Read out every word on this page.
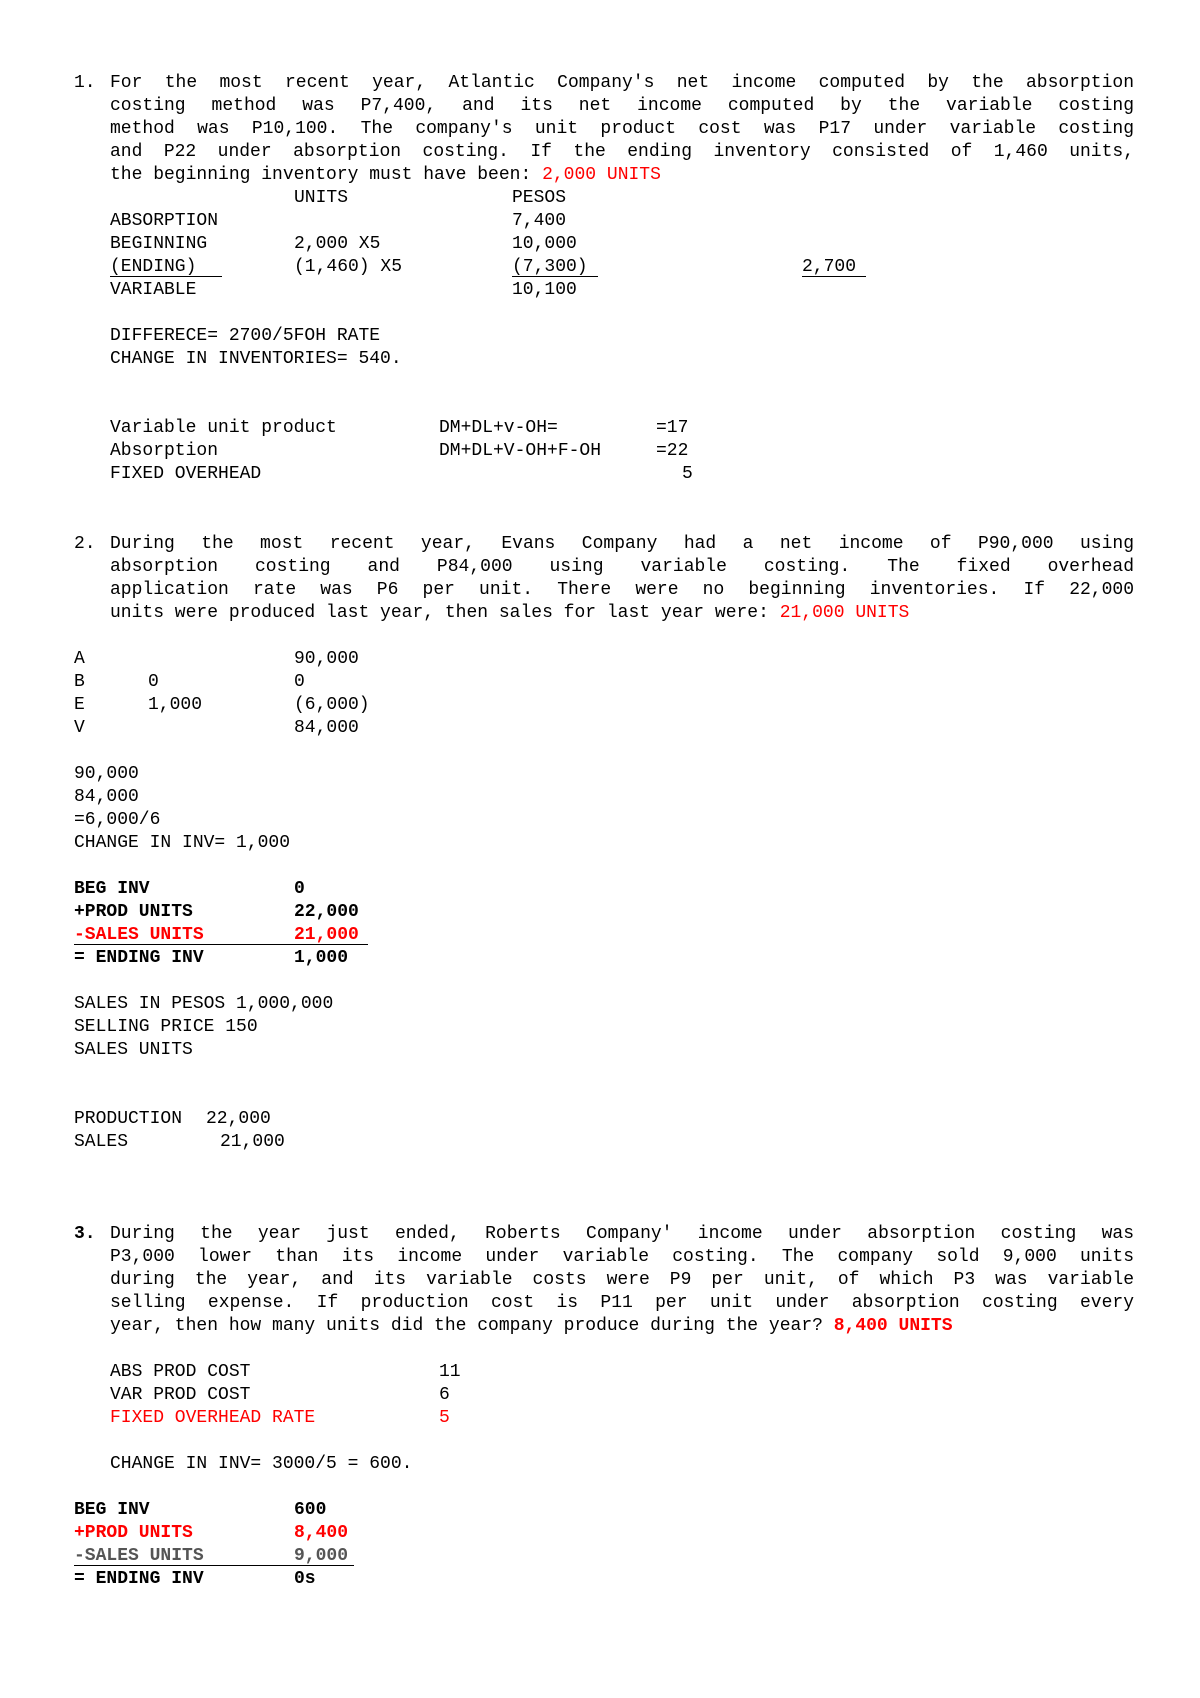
1. For the most recent year, Atlantic Company's net income computed by the absorption
costing method was P7,400, and its net income computed by the variable costing
method was P10,100. The company's unit product cost was P17 under variable costing
and P22 under absorption costing. If the ending inventory consisted of 1,460 units,
the beginning inventory must have been: 2,000 UNITS
UNITS	PESOS
ABSORPTION	7,400
BEGINNING	2,000 X5	10,000
(ENDING)	(1,460) X5	(7,300)	2,700
VARIABLE	10,100
DIFFERECE= 2700/5FOH RATE
CHANGE IN INVENTORIES= 540.
Variable unit product	DM+DL+v-OH=	=17
Absorption	DM+DL+V-OH+F-OH	=22
FIXED OVERHEAD	5
2. During the most recent year, Evans Company had a net income of P90,000 using
absorption costing and P84,000 using variable costing. The fixed overhead
application rate was P6 per unit. There were no beginning inventories. If 22,000
units were produced last year, then sales for last year were: 21,000 UNITS
A	90,000
B	0	0
E	1,000	(6,000)
V	84,000
90,000
84,000
=6,000/6
CHANGE IN INV= 1,000
BEG INV	0
+PROD UNITS	22,000
-SALES UNITS	21,000
= ENDING INV	1,000
SALES IN PESOS 1,000,000
SELLING PRICE 150
SALES UNITS
PRODUCTION 22,000
SALES	21,000
3. During the year just ended, Roberts Company' income under absorption costing was
P3,000 lower than its income under variable costing. The company sold 9,000 units
during the year, and its variable costs were P9 per unit, of which P3 was variable
selling expense. If production cost is P11 per unit under absorption costing every
year, then how many units did the company produce during the year? 8,400 UNITS
ABS PROD COST	11
VAR PROD COST	6
FIXED OVERHEAD RATE	5
CHANGE IN INV= 3000/5 = 600.
BEG INV	600
+PROD UNITS	8,400
-SALES UNITS	9,000
= ENDING INV	0s
